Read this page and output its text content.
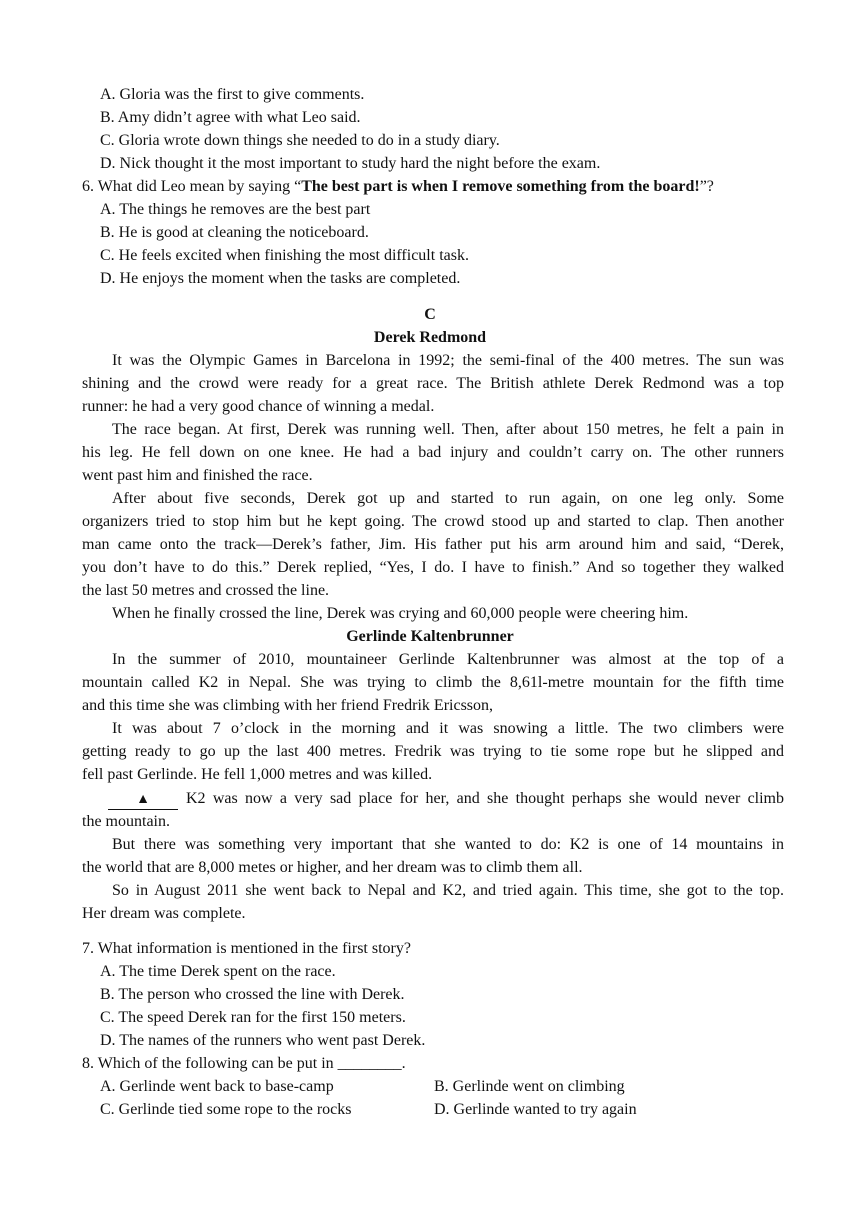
A. Gloria was the first to give comments.
B. Amy didn’t agree with what Leo said.
C. Gloria wrote down things she needed to do in a study diary.
D. Nick thought it the most important to study hard the night before the exam.
6. What did Leo mean by saying “The best part is when I remove something from the board!”?
A. The things he removes are the best part
B. He is good at cleaning the noticeboard.
C. He feels excited when finishing the most difficult task.
D. He enjoys the moment when the tasks are completed.
C
Derek Redmond
It was the Olympic Games in Barcelona in 1992; the semi-final of the 400 metres. The sun was
shining and the crowd were ready for a great race. The British athlete Derek Redmond was a top
runner: he had a very good chance of winning a medal.
The race began. At first, Derek was running well. Then, after about 150 metres, he felt a pain in
his leg. He fell down on one knee. He had a bad injury and couldn’t carry on. The other runners
went past him and finished the race.
After about five seconds, Derek got up and started to run again, on one leg only. Some
organizers tried to stop him but he kept going. The crowd stood up and started to clap. Then another
man came onto the track—Derek’s father, Jim. His father put his arm around him and said, “Derek,
you don’t have to do this.” Derek replied, “Yes, I do. I have to finish.” And so together they walked
the last 50 metres and crossed the line.
When he finally crossed the line, Derek was crying and 60,000 people were cheering him.
Gerlinde Kaltenbrunner
In the summer of 2010, mountaineer Gerlinde Kaltenbrunner was almost at the top of a
mountain called K2 in Nepal. She was trying to climb the 8,61l-metre mountain for the fifth time
and this time she was climbing with her friend Fredrik Ericsson,
It was about 7 o’clock in the morning and it was snowing a little. The two climbers were
getting ready to go up the last 400 metres. Fredrik was trying to tie some rope but he slipped and
fell past Gerlinde. He fell 1,000 metres and was killed.
▲	K2 was now a very sad place for her, and she thought perhaps she would never climb
the mountain.
But there was something very important that she wanted to do: K2 is one of 14 mountains in
the world that are 8,000 metes or higher, and her dream was to climb them all.
So in August 2011 she went back to Nepal and K2, and tried again. This time, she got to the top.
Her dream was complete.
7. What information is mentioned in the first story?
A. The time Derek spent on the race.
B. The person who crossed the line with Derek.
C. The speed Derek ran for the first 150 meters.
D. The names of the runners who went past Derek.
8. Which of the following can be put in ________.
A. Gerlinde went back to base-camp	B. Gerlinde went on climbing
C. Gerlinde tied some rope to the rocks	D. Gerlinde wanted to try again
